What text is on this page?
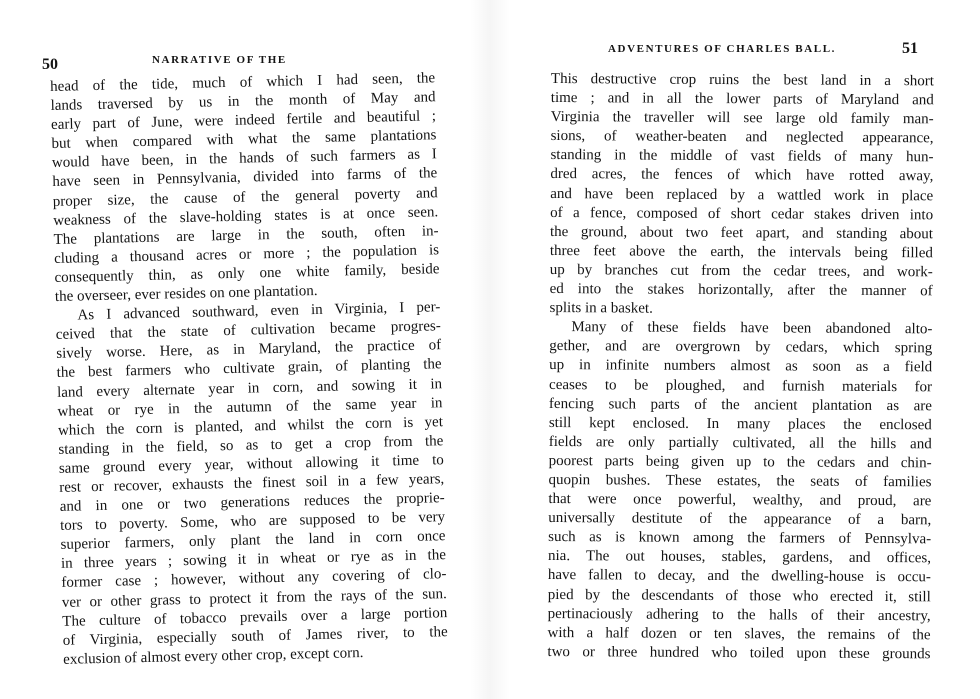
50	NARRATIVE OF THE
head of the tide, much of which I had seen, the
lands traversed by us in the month of May and
early part of June, were indeed fertile and beautiful ;
but when compared with what the same plantations
would have been, in the hands of such farmers as I
have seen in Pennsylvania, divided into farms of the
proper size, the cause of the general poverty and
weakness of the slave-holding states is at once seen.
The plantations are large in the south, often in-
cluding a thousand acres or more ; the population is
consequently thin, as only one white family, beside
the overseer, ever resides on one plantation.
As I advanced southward, even in Virginia, I per-
ceived that the state of cultivation became progres-
sively worse. Here, as in Maryland, the practice of
the best farmers who cultivate grain, of planting the
land every alternate year in corn, and sowing it in
wheat or rye in the autumn of the same year in
which the corn is planted, and whilst the corn is yet
standing in the field, so as to get a crop from the
same ground every year, without allowing it time to
rest or recover, exhausts the finest soil in a few years,
and in one or two generations reduces the proprie-
tors to poverty. Some, who are supposed to be very
superior farmers, only plant the land in corn once
in three years ; sowing it in wheat or rye as in the
former case ; however, without any covering of clo-
ver or other grass to protect it from the rays of the sun.
The culture of tobacco prevails over a large portion
of Virginia, especially south of James river, to the
exclusion of almost every other crop, except corn.
ADVENTURES OF CHARLES BALL.	51
This destructive crop ruins the best land in a short
time ; and in all the lower parts of Maryland and
Virginia the traveller will see large old family man-
sions, of weather-beaten and neglected appearance,
standing in the middle of vast fields of many hun-
dred acres, the fences of which have rotted away,
and have been replaced by a wattled work in place
of a fence, composed of short cedar stakes driven into
the ground, about two feet apart, and standing about
three feet above the earth, the intervals being filled
up by branches cut from the cedar trees, and work-
ed into the stakes horizontally, after the manner of
splits in a basket.
Many of these fields have been abandoned alto-
gether, and are overgrown by cedars, which spring
up in infinite numbers almost as soon as a field
ceases to be ploughed, and furnish materials for
fencing such parts of the ancient plantation as are
still kept enclosed. In many places the enclosed
fields are only partially cultivated, all the hills and
poorest parts being given up to the cedars and chin-
quopin bushes. These estates, the seats of families
that were once powerful, wealthy, and proud, are
universally destitute of the appearance of a barn,
such as is known among the farmers of Pennsylva-
nia. The out houses, stables, gardens, and offices,
have fallen to decay, and the dwelling-house is occu-
pied by the descendants of those who erected it, still
pertinaciously adhering to the halls of their ancestry,
with a half dozen or ten slaves, the remains of the
two or three hundred who toiled upon these grounds
